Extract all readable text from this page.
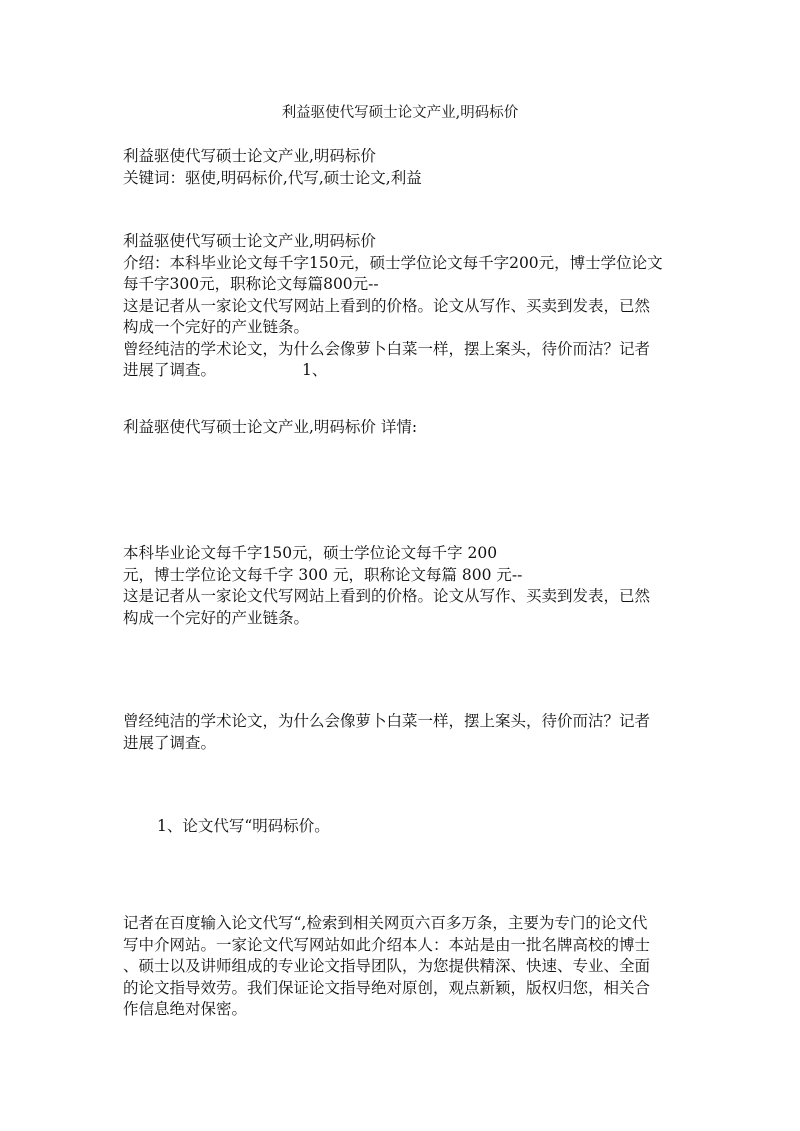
利益驱使代写硕士论文产业,明码标价
利益驱使代写硕士论文产业,明码标价
关键词：驱使,明码标价,代写,硕士论文,利益
利益驱使代写硕士论文产业,明码标价
介绍：本科毕业论文每千字150元，硕士学位论文每千字200元，博士学位论文
每千字300元，职称论文每篇800元--
这是记者从一家论文代写网站上看到的价格。论文从写作、买卖到发表，已然
构成一个完好的产业链条。
曾经纯洁的学术论文，为什么会像萝卜白菜一样，摆上案头，待价而沽？记者
进展了调查。	1、
利益驱使代写硕士论文产业,明码标价 详情:
本科毕业论文每千字150元，硕士学位论文每千字 200
元，博士学位论文每千字 300 元，职称论文每篇 800 元--
这是记者从一家论文代写网站上看到的价格。论文从写作、买卖到发表，已然
构成一个完好的产业链条。
曾经纯洁的学术论文，为什么会像萝卜白菜一样，摆上案头，待价而沽？记者
进展了调查。
1、论文代写“明码标价。
记者在百度输入论文代写“,检索到相关网页六百多万条，主要为专门的论文代
写中介网站。一家论文代写网站如此介绍本人：本站是由一批名牌高校的博士
、硕士以及讲师组成的专业论文指导团队，为您提供精深、快速、专业、全面
的论文指导效劳。我们保证论文指导绝对原创，观点新颖，版权归您，相关合
作信息绝对保密。
